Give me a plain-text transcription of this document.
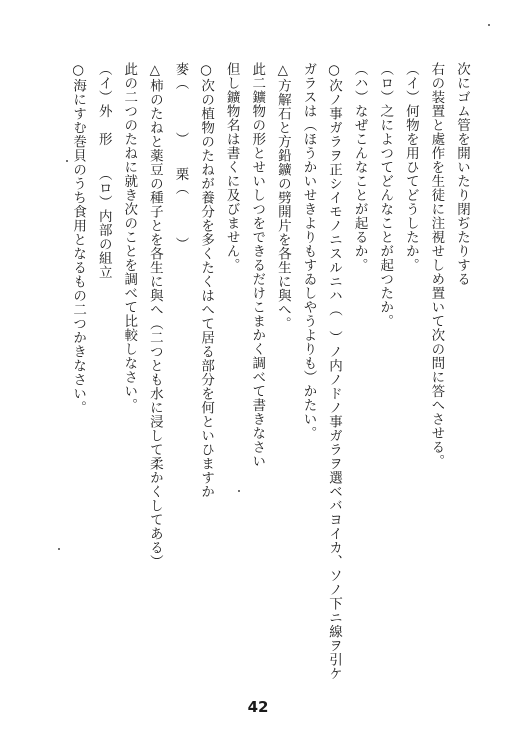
次にゴム管を開いたり閉ぢたりする
右の装置と處作を生徒に注視せしめ置いて次の問に答へさせる。
（イ）何物を用ひてどうしたか。
（ロ）之によつてどんなことが起つたか。
（ハ）なぜこんなことが起るか。
○次ノ事ガラヲ正シイモノニスルニハ（　）ノ内ノドノ事ガラヲ選ベバヨイカ、ソノ下ニ線ヲ引ケ
ガラスは（ほうかいせきよりもすゐしやうよりも）かたい。
△方解石と方鉛鑛の劈開片を各生に與へ。
此二鑛物の形とせいしつをできるだけこまかく調べて書きなさい
但し鑛物名は書くに及びません。
○次の植物のたねが養分を多くたくはへて居る部分を何といひますか
麥（　　　）　　栗（　　　）
△柿のたねと薬豆の種子とを各生に與へ（二つとも水に浸して柔かくしてある）
此の二つのたねに就き次のことを調べて比較しなさい。
（イ）外　形　　（ロ）内部の組立
○海にすむ巻貝のうち食用となるもの二つかきなさい。
42
